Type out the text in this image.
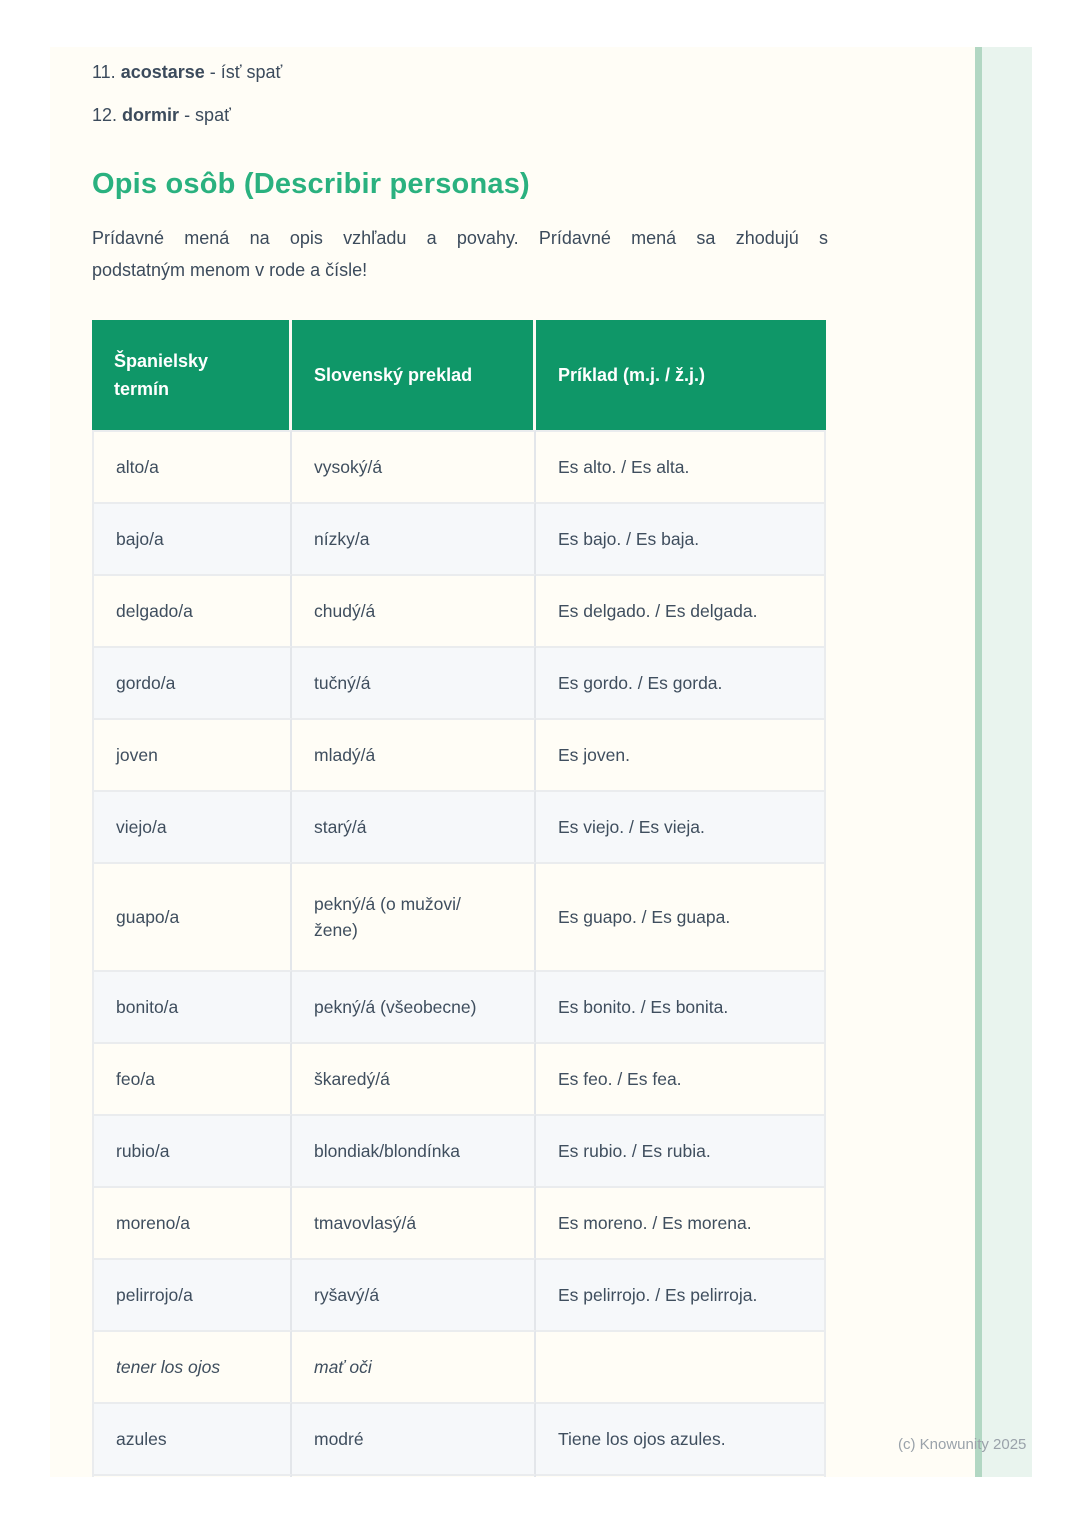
11. acostarse - ísť spať
12. dormir - spať
Opis osôb (Describir personas)
Prídavné mená na opis vzhľadu a povahy. Prídavné mená sa zhodujú s
podstatným menom v rode a čísle!
Španielsky termín	Slovenský preklad	Príklad (m.j. / ž.j.)
alto/a	vysoký/á	Es alto. / Es alta.
bajo/a	nízky/a	Es bajo. / Es baja.
delgado/a	chudý/á	Es delgado. / Es delgada.
gordo/a	tučný/á	Es gordo. / Es gorda.
joven	mladý/á	Es joven.
viejo/a	starý/á	Es viejo. / Es vieja.
guapo/a	pekný/á (o mužovi/ žene)	Es guapo. / Es guapa.
bonito/a	pekný/á (všeobecne)	Es bonito. / Es bonita.
feo/a	škaredý/á	Es feo. / Es fea.
rubio/a	blondiak/blondínka	Es rubio. / Es rubia.
moreno/a	tmavovlasý/á	Es moreno. / Es morena.
pelirrojo/a	ryšavý/á	Es pelirrojo. / Es pelirroja.
tener los ojos	mať oči	
azules	modré	Tiene los ojos azules.
			(c) Knowunity 2025
